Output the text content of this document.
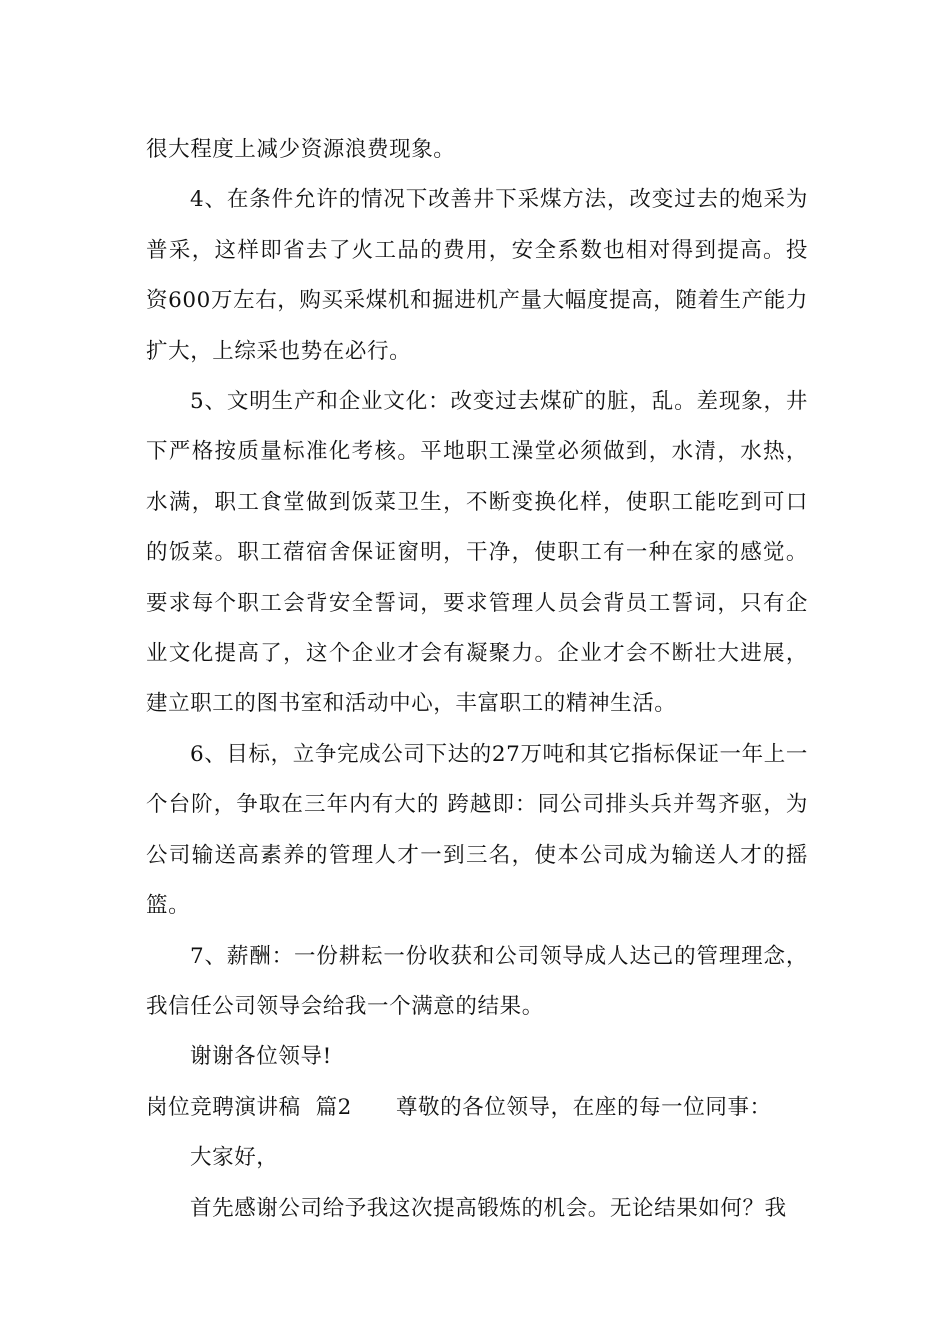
很大程度上减少资源浪费现象。

4、在条件允许的情况下改善井下采煤方法，改变过去的炮采为普采，这样即省去了火工品的费用，安全系数也相对得到提高。投资600万左右，购买采煤机和掘进机产量大幅度提高，随着生产能力扩大，上综采也势在必行。

5、文明生产和企业文化：改变过去煤矿的脏，乱。差现象，井下严格按质量标准化考核。平地职工澡堂必须做到，水清，水热，水满，职工食堂做到饭菜卫生，不断变换化样，使职工能吃到可口的饭菜。职工蓿宿舍保证窗明，干净，使职工有一种在家的感觉。要求每个职工会背安全誓词，要求管理人员会背员工誓词，只有企业文化提高了，这个企业才会有凝聚力。企业才会不断壮大进展，建立职工的图书室和活动中心，丰富职工的精神生活。

6、目标，立争完成公司下达的27万吨和其它指标保证一年上一个台阶，争取在三年内有大的 跨越即：同公司排头兵并驾齐驱，为公司输送高素养的管理人才一到三名，使本公司成为输送人才的摇篮。

7、薪酬：一份耕耘一份收获和公司领导成人达己的管理理念，我信任公司领导会给我一个满意的结果。

谢谢各位领导!

岗位竞聘演讲稿  篇2 尊敬的各位领导，在座的每一位同事：

大家好，

首先感谢公司给予我这次提高锻炼的机会。无论结果如何？我
